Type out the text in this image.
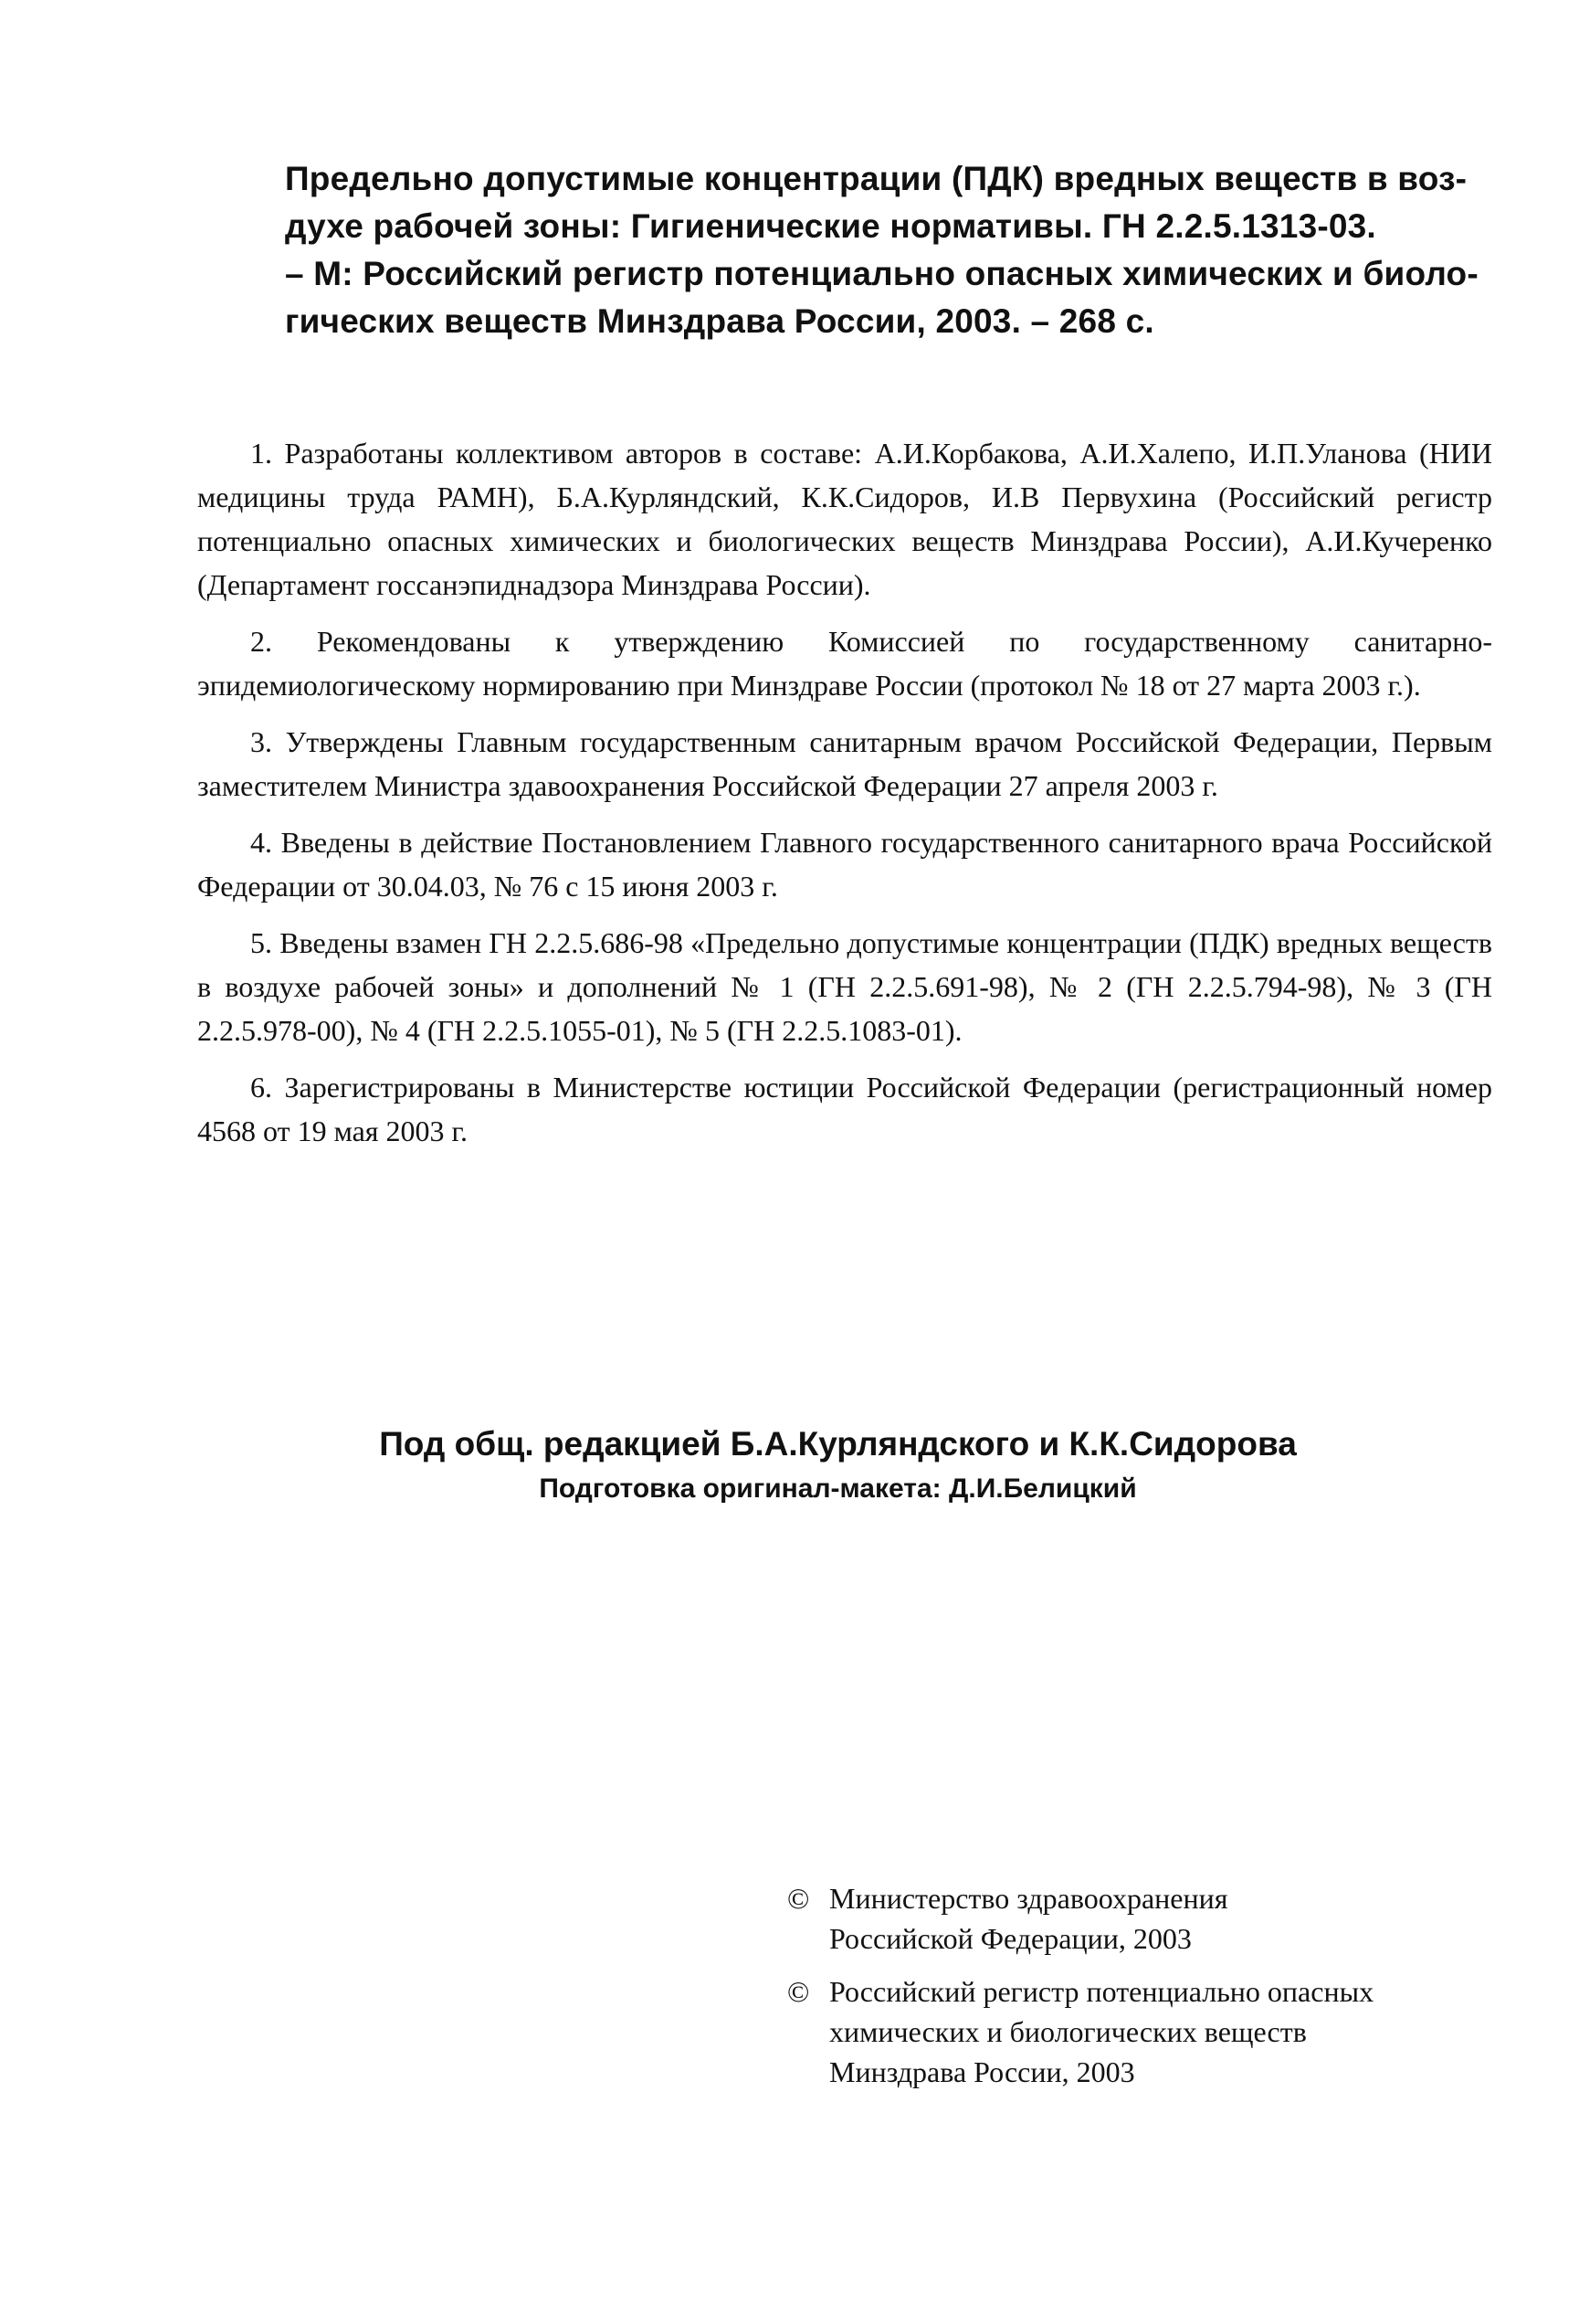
Предельно допустимые концентрации (ПДК) вредных веществ в воз-
духе рабочей зоны: Гигиенические нормативы. ГН 2.2.5.1313-03.
– М: Российский регистр потенциально опасных химических и биоло-
гических веществ Минздрава России, 2003. – 268 с.

1. Разработаны коллективом авторов в составе: А.И.Корбакова, А.И.Халепо, И.П.Уланова (НИИ медицины труда РАМН), Б.А.Курляндский, К.К.Сидоров, И.В Первухина (Российский регистр потенциально опасных химических и биологических веществ Минздрава России), А.И.Кучеренко (Департамент госсанэпиднадзора Минздрава России).

2. Рекомендованы к утверждению Комиссией по государственному санитарно-эпидемиологическому нормированию при Минздраве России (протокол № 18 от 27 марта 2003 г.).

3. Утверждены Главным государственным санитарным врачом Российской Федерации, Первым заместителем Министра здавоохранения Российской Федерации 27 апреля 2003 г.

4. Введены в действие Постановлением Главного государственного санитарного врача Российской Федерации от 30.04.03, № 76 с 15 июня 2003 г.

5. Введены взамен ГН 2.2.5.686-98 «Предельно допустимые концентрации (ПДК) вредных веществ в воздухе рабочей зоны» и дополнений № 1 (ГН 2.2.5.691-98), № 2 (ГН 2.2.5.794-98), № 3 (ГН 2.2.5.978-00), № 4 (ГН 2.2.5.1055-01), № 5 (ГН 2.2.5.1083-01).

6. Зарегистрированы в Министерстве юстиции Российской Федерации (регистрационный номер 4568 от 19 мая 2003 г.

Под общ. редакцией Б.А.Курляндского и К.К.Сидорова
Подготовка оригинал-макета: Д.И.Белицкий
© Министерство здравоохранения
Российской Федерации, 2003
© Российский регистр потенциально опасных
химических и биологических веществ
Минздрава России, 2003
